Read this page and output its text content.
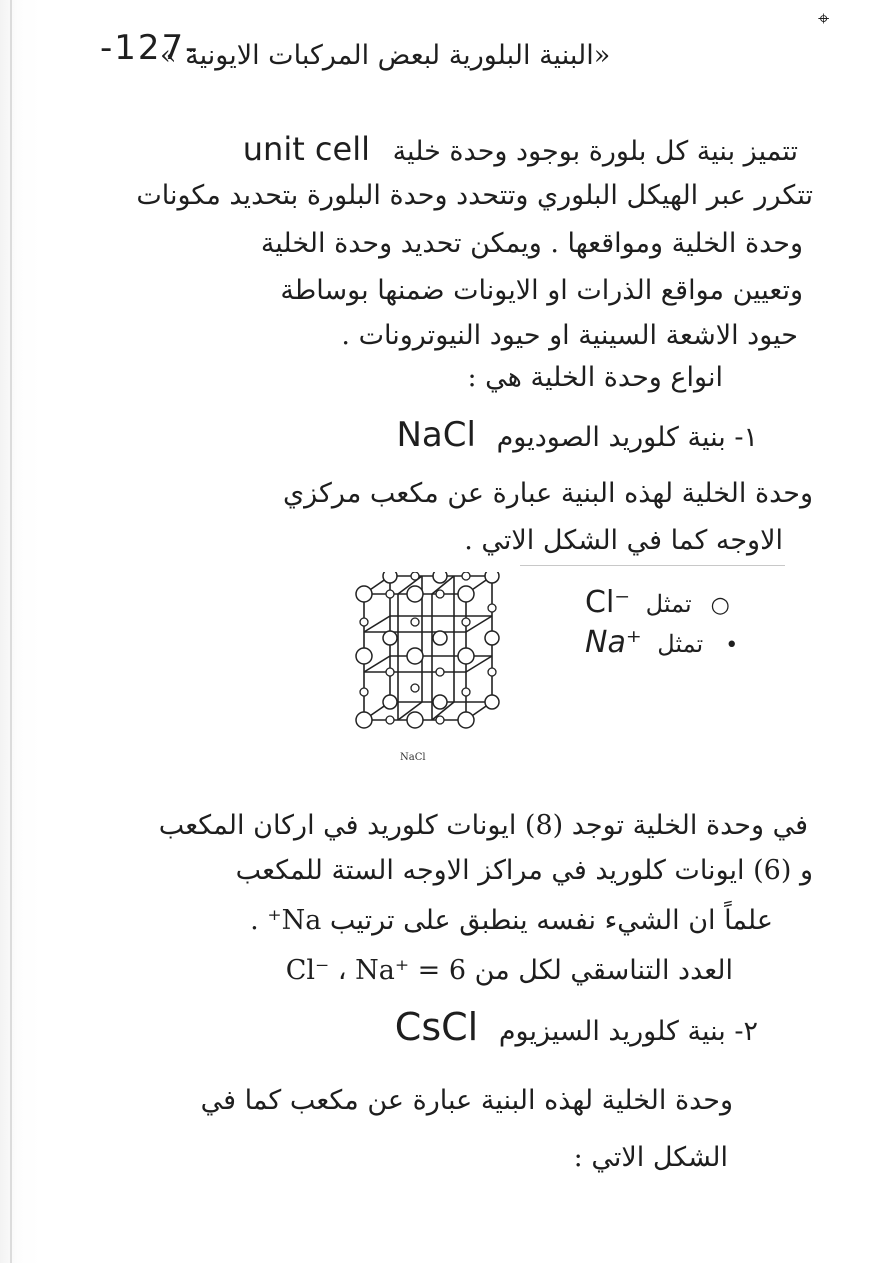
-127-
⌖
«البنية البلورية لبعض المركبات الايونية »
تتميز بنية كل بلورة بوجود وحدة خلية unit cell
تتكرر عبر الهيكل البلوري وتتحدد وحدة البلورة بتحديد مكونات
وحدة الخلية ومواقعها . ويمكن تحديد وحدة الخلية
وتعيين مواقع الذرات او الايونات ضمنها بوساطة
حيود الاشعة السينية او حيود النيوترونات .
انواع وحدة الخلية هي :
١- بنية كلوريد الصوديوم NaCl
وحدة الخلية لهذه البنية عبارة عن مكعب مركزي
الاوجه كما في الشكل الاتي .
Cl⁻ تمثل ○
Na⁺ تمثل •
NaCl
في وحدة الخلية توجد (8) ايونات كلوريد في اركان المكعب
و (6) ايونات كلوريد في مراكز الاوجه الستة للمكعب
علماً ان الشيء نفسه ينطبق على ترتيب Na⁺ .
العدد التناسقي لكل من Cl⁻ ، Na⁺ = 6
٢- بنية كلوريد السيزيوم CsCl
وحدة الخلية لهذه البنية عبارة عن مكعب كما في
الشكل الاتي :
